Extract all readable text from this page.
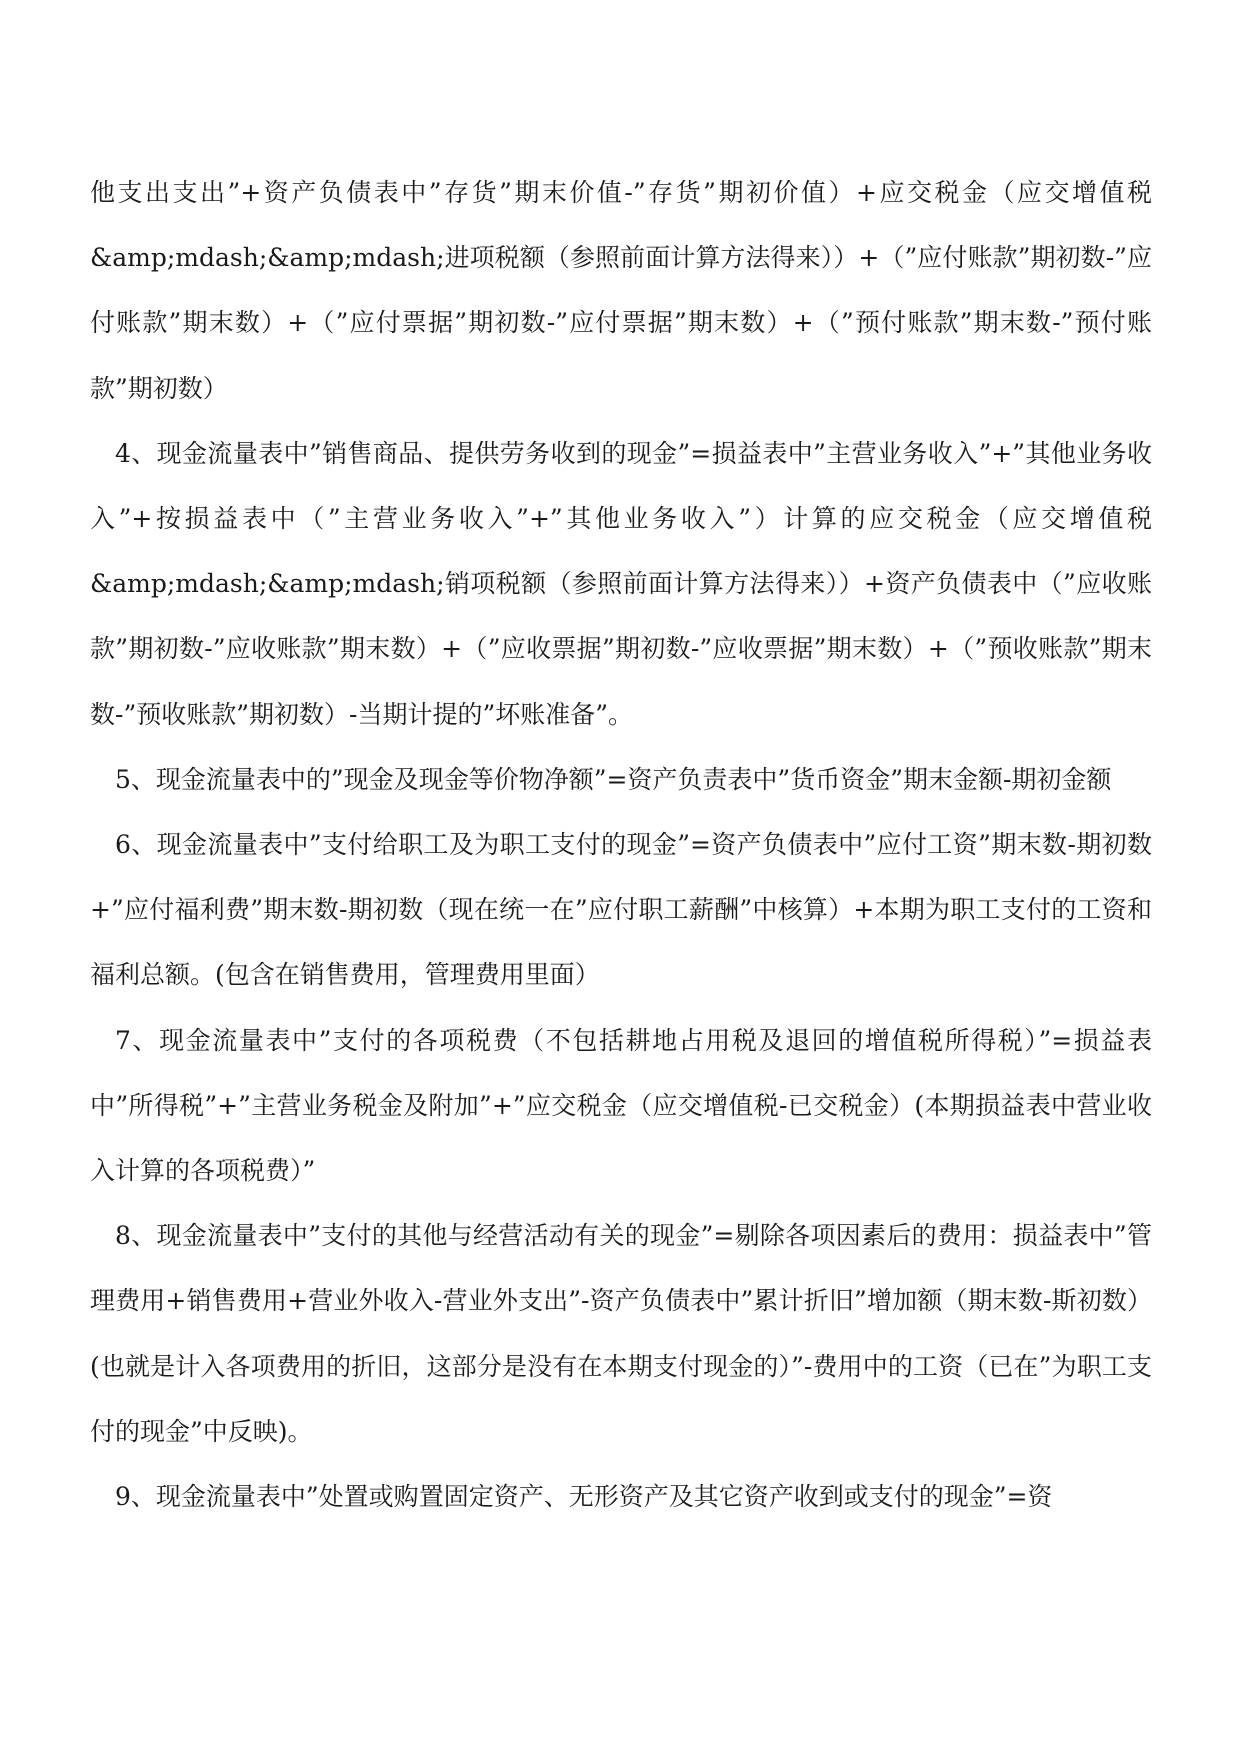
他支出支出”+资产负债表中”存货”期末价值-”存货”期初价值）+应交税金（应交增值税&amp;mdash;&amp;mdash;进项税额（参照前面计算方法得来））+（”应付账款”期初数-”应付账款”期末数）+（”应付票据”期初数-”应付票据”期末数）+（”预付账款”期末数-”预付账款”期初数）

4、现金流量表中”销售商品、提供劳务收到的现金”=损益表中”主营业务收入”+”其他业务收入”+按损益表中（”主营业务收入”+”其他业务收入”）计算的应交税金（应交增值税&amp;mdash;&amp;mdash;销项税额（参照前面计算方法得来））+资产负债表中（”应收账款”期初数-”应收账款”期末数）+（”应收票据”期初数-”应收票据”期末数）+（”预收账款”期末数-”预收账款”期初数）-当期计提的”坏账准备”。

5、现金流量表中的”现金及现金等价物净额”=资产负责表中”货币资金”期末金额-期初金额

6、现金流量表中”支付给职工及为职工支付的现金”=资产负债表中”应付工资”期末数-期初数+”应付福利费”期末数-期初数（现在统一在”应付职工薪酬”中核算）+本期为职工支付的工资和福利总额。(包含在销售费用，管理费用里面）

7、现金流量表中”支付的各项税费（不包括耕地占用税及退回的增值税所得税）”=损益表中”所得税”+”主营业务税金及附加”+”应交税金（应交增值税-已交税金）(本期损益表中营业收入计算的各项税费）”

8、现金流量表中”支付的其他与经营活动有关的现金”=剔除各项因素后的费用：损益表中”管理费用+销售费用+营业外收入-营业外支出”-资产负债表中”累计折旧”增加额（期末数-斯初数）(也就是计入各项费用的折旧，这部分是没有在本期支付现金的）”-费用中的工资（已在”为职工支付的现金”中反映)。

9、现金流量表中”处置或购置固定资产、无形资产及其它资产收到或支付的现金”=资
